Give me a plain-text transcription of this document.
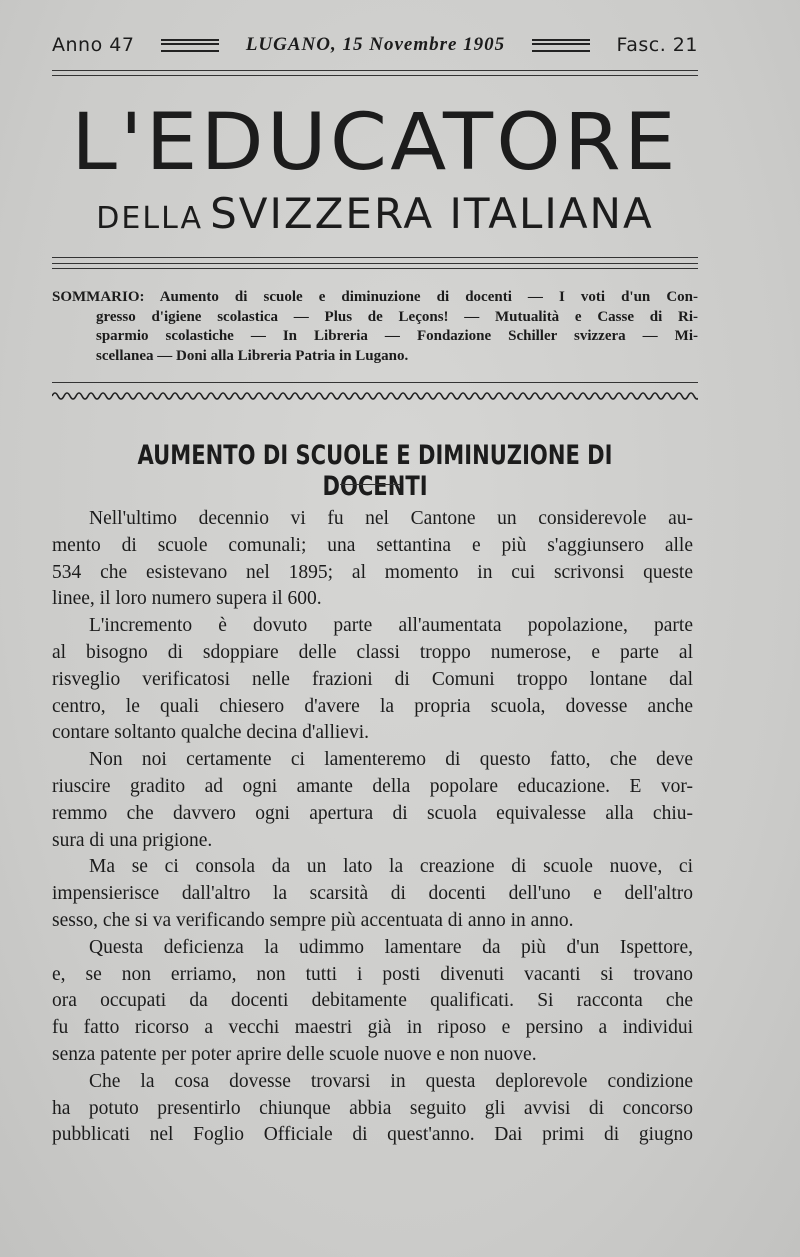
Anno 47	LUGANO, 15 Novembre 1905	Fasc. 21
L'EDUCATORE
DELLA SVIZZERA ITALIANA
SOMMARIO: Aumento di scuole e diminuzione di docenti — I voti d'un Con-
gresso d'igiene scolastica — Plus de Leçons! — Mutualità e Casse di Ri-
sparmio scolastiche — In Libreria — Fondazione Schiller svizzera — Mi-
scellanea — Doni alla Libreria Patria in Lugano.
AUMENTO DI SCUOLE E DIMINUZIONE DI DOCENTI
Nell'ultimo decennio vi fu nel Cantone un considerevole au-
mento di scuole comunali; una settantina e più s'aggiunsero alle
534 che esistevano nel 1895; al momento in cui scrivonsi queste
linee, il loro numero supera il 600.
L'incremento è dovuto parte all'aumentata popolazione, parte
al bisogno di sdoppiare delle classi troppo numerose, e parte al
risveglio verificatosi nelle frazioni di Comuni troppo lontane dal
centro, le quali chiesero d'avere la propria scuola, dovesse anche
contare soltanto qualche decina d'allievi.
Non noi certamente ci lamenteremo di questo fatto, che deve
riuscire gradito ad ogni amante della popolare educazione. E vor-
remmo che davvero ogni apertura di scuola equivalesse alla chiu-
sura di una prigione.
Ma se ci consola da un lato la creazione di scuole nuove, ci
impensierisce dall'altro la scarsità di docenti dell'uno e dell'altro
sesso, che si va verificando sempre più accentuata di anno in anno.
Questa deficienza la udimmo lamentare da più d'un Ispettore,
e, se non erriamo, non tutti i posti divenuti vacanti si trovano
ora occupati da docenti debitamente qualificati. Si racconta che
fu fatto ricorso a vecchi maestri già in riposo e persino a individui
senza patente per poter aprire delle scuole nuove e non nuove.
Che la cosa dovesse trovarsi in questa deplorevole condizione
ha potuto presentirlo chiunque abbia seguito gli avvisi di concorso
pubblicati nel Foglio Officiale di quest'anno. Dai primi di giugno
